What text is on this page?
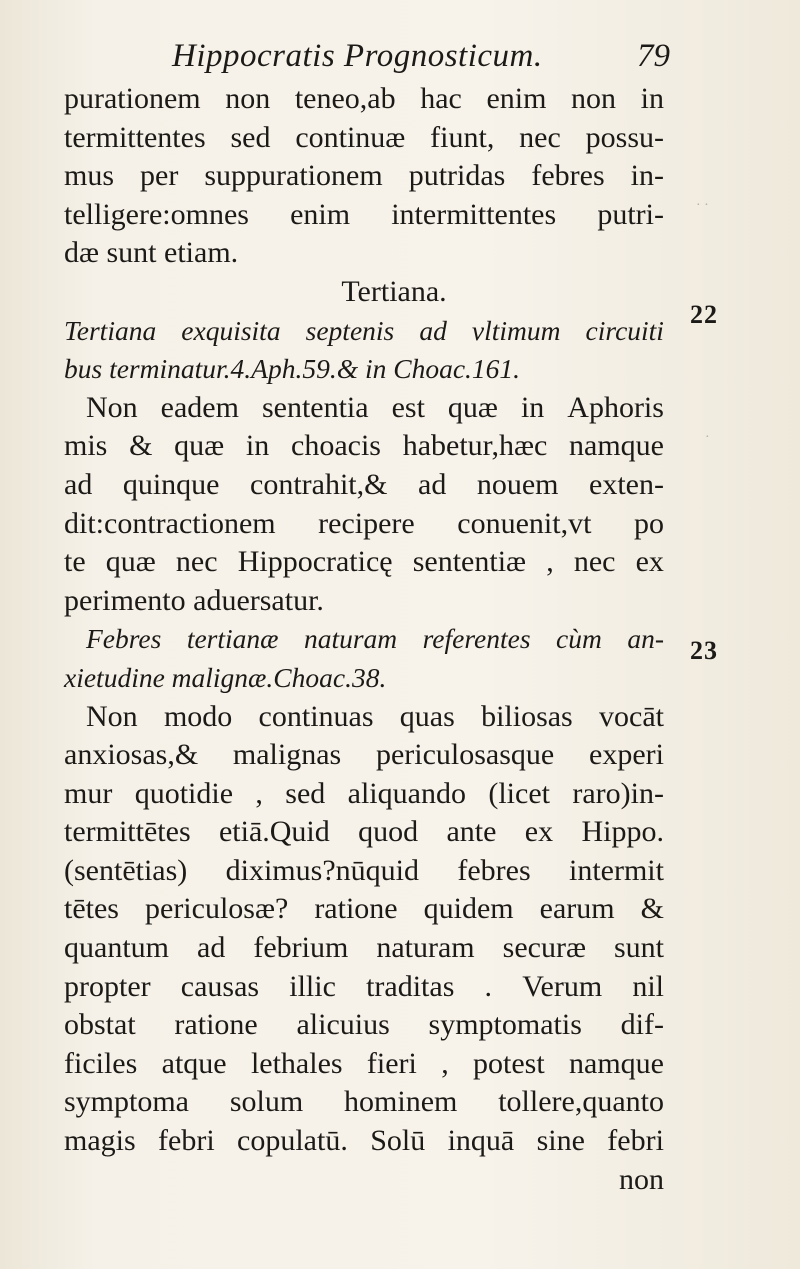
Hippocratis Prognosticum.	79
purationem non teneo,ab hac enim non in
termittentes sed continuæ fiunt, nec possu-
mus per suppurationem putridas febres in-
telligere:omnes enim intermittentes putri-
dæ sunt etiam.
Tertiana.
Tertiana exquisita septenis ad vltimum circuiti
bus terminatur.4.Aph.59.& in Choac.161.
Non eadem sententia est quæ in Aphoris
mis & quæ in choacis habetur,hæc namque
ad quinque contrahit,& ad nouem exten-
dit:contractionem recipere conuenit,vt po
te quæ nec Hippocraticę sententiæ , nec ex
perimento aduersatur.
Febres tertianæ naturam referentes cùm an-
xietudine malignæ.Choac.38.
Non modo continuas quas biliosas vocāt
anxiosas,& malignas periculosasque experi
mur quotidie , sed aliquando (licet raro)in-
termittētes etiā.Quid quod ante ex Hippo.
(sentētias) diximus?nūquid febres intermit
tētes periculosæ? ratione quidem earum &
quantum ad febrium naturam securæ sunt
propter causas illic traditas . Verum nil
obstat ratione alicuius symptomatis dif-
ficiles atque lethales fieri , potest namque
symptoma solum hominem tollere,quanto
magis febri copulatū. Solū inquā sine febri
non
22
23
· ·
·
